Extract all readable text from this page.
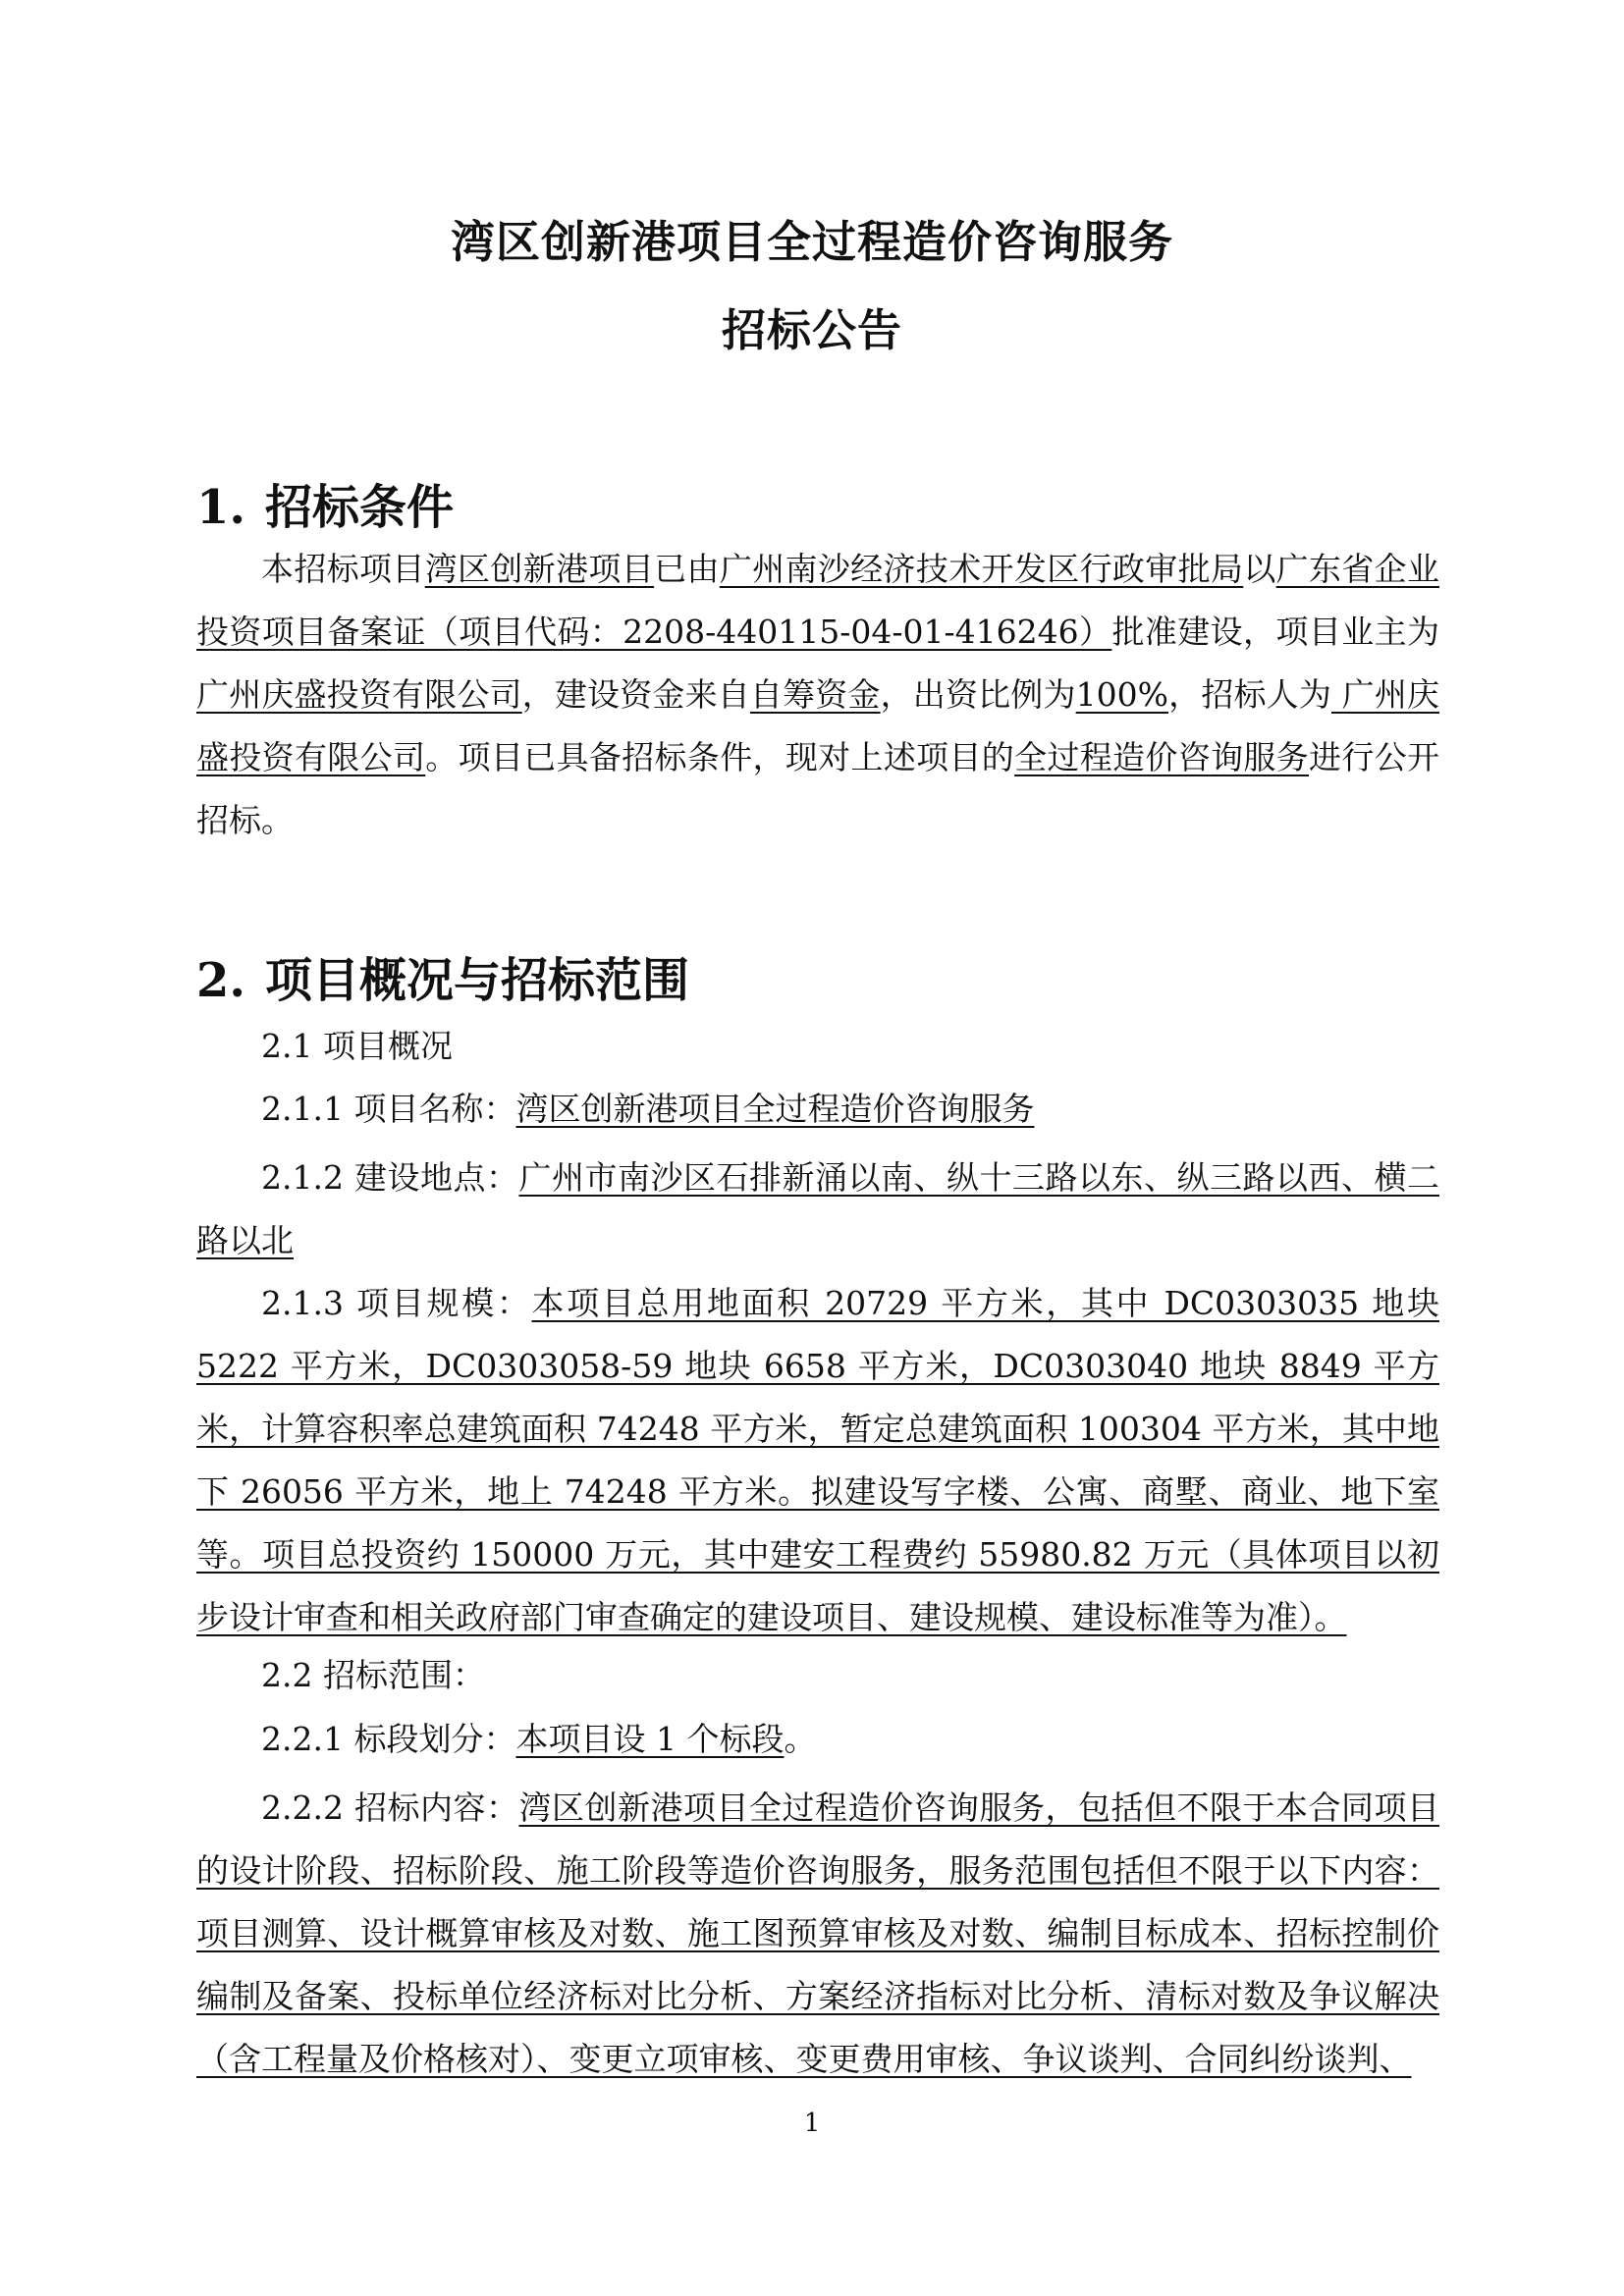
湾区创新港项目全过程造价咨询服务
招标公告
1. 招标条件

本招标项目湾区创新港项目已由广州南沙经济技术开发区行政审批局以广东省企业投资项目备案证（项目代码：2208-440115-04-01-416246）批准建设，项目业主为 广州庆盛投资有限公司，建设资金来自自筹资金，出资比例为100%，招标人为 广州庆盛投资有限公司。项目已具备招标条件，现对上述项目的全过程造价咨询服务进行公开招标。

2. 项目概况与招标范围

2.1 项目概况

2.1.1 项目名称：湾区创新港项目全过程造价咨询服务

2.1.2 建设地点：广州市南沙区石排新涌以南、纵十三路以东、纵三路以西、横二路以北

2.1.3 项目规模：本项目总用地面积 20729 平方米，其中 DC0303035 地块 5222 平方米，DC0303058-59 地块 6658 平方米，DC0303040 地块 8849 平方米，计算容积率总建筑面积 74248 平方米，暂定总建筑面积 100304 平方米，其中地下 26056 平方米，地上 74248 平方米。拟建设写字楼、公寓、商墅、商业、地下室等。项目总投资约 150000 万元，其中建安工程费约 55980.82 万元（具体项目以初步设计审查和相关政府部门审查确定的建设项目、建设规模、建设标准等为准）。

2.2 招标范围：

2.2.1 标段划分：本项目设 1 个标段。

2.2.2 招标内容：湾区创新港项目全过程造价咨询服务，包括但不限于本合同项目的设计阶段、招标阶段、施工阶段等造价咨询服务，服务范围包括但不限于以下内容：项目测算、设计概算审核及对数、施工图预算审核及对数、编制目标成本、招标控制价编制及备案、投标单位经济标对比分析、方案经济指标对比分析、清标对数及争议解决（含工程量及价格核对）、变更立项审核、变更费用审核、争议谈判、合同纠纷谈判、

1
